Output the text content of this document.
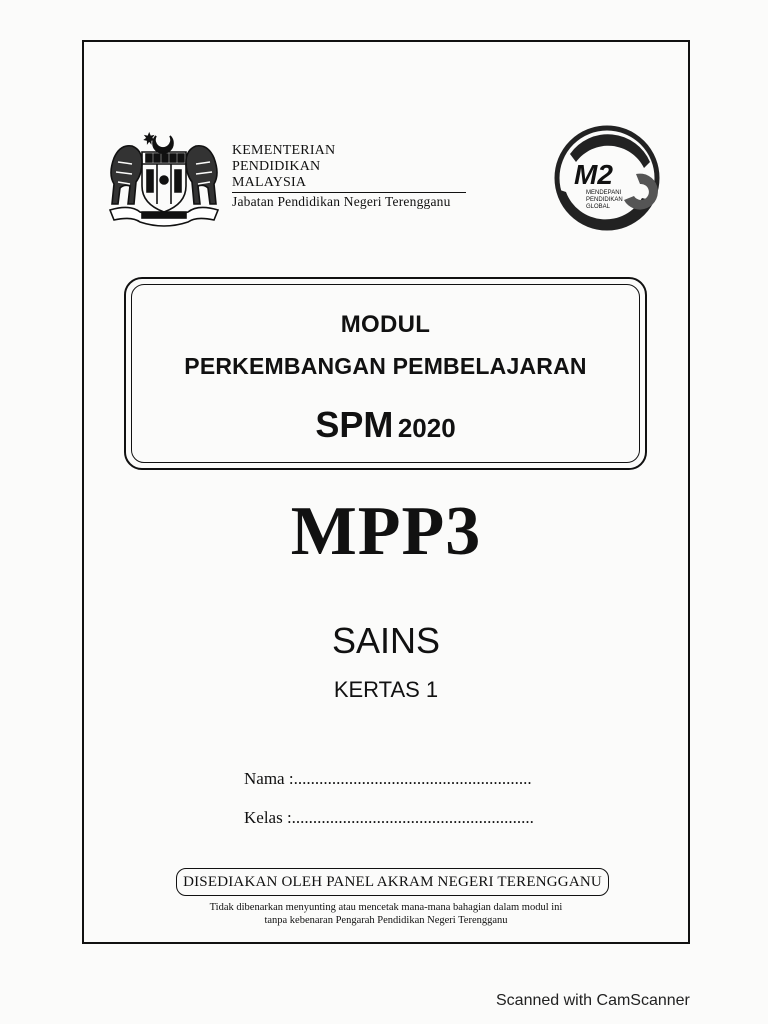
KEMENTERIAN
PENDIDIKAN
MALAYSIA
Jabatan Pendidikan Negeri Terengganu
M2
MENDEPANI
PENDIDIKAN
GLOBAL
MODUL
PERKEMBANGAN PEMBELAJARAN
SPM 2020
MPP3
SAINS
KERTAS 1
Nama :........................................................
Kelas :.........................................................
DISEDIAKAN OLEH PANEL AKRAM NEGERI TERENGGANU
Tidak dibenarkan menyunting atau mencetak mana-mana bahagian dalam modul ini
tanpa kebenaran Pengarah Pendidikan Negeri Terengganu
Scanned with CamScanner
